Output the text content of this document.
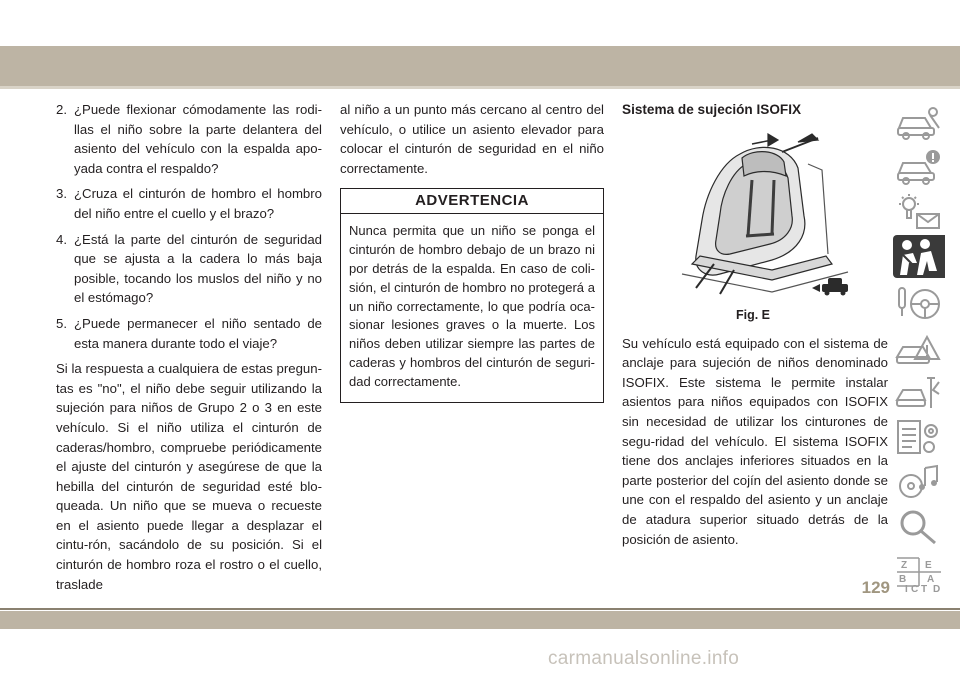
2. ¿Puede flexionar cómodamente las rodi-llas el niño sobre la parte delantera del asiento del vehículo con la espalda apo-yada contra el respaldo?
3. ¿Cruza el cinturón de hombro el hombro del niño entre el cuello y el brazo?
4. ¿Está la parte del cinturón de seguridad que se ajusta a la cadera lo más baja posible, tocando los muslos del niño y no el estómago?
5. ¿Puede permanecer el niño sentado de esta manera durante todo el viaje?
Si la respuesta a cualquiera de estas pregun-tas es "no", el niño debe seguir utilizando la sujeción para niños de Grupo 2 o 3 en este vehículo. Si el niño utiliza el cinturón de caderas/hombro, compruebe periódicamente el ajuste del cinturón y asegúrese de que la hebilla del cinturón de seguridad esté blo-queada. Un niño que se mueva o recueste en el asiento puede llegar a desplazar el cintu-rón, sacándolo de su posición. Si el cinturón de hombro roza el rostro o el cuello, traslade
al niño a un punto más cercano al centro del vehículo, o utilice un asiento elevador para colocar el cinturón de seguridad en el niño correctamente.
ADVERTENCIA
Nunca permita que un niño se ponga el cinturón de hombro debajo de un brazo ni por detrás de la espalda. En caso de coli-sión, el cinturón de hombro no protegerá a un niño correctamente, lo que podría oca-sionar lesiones graves o la muerte. Los niños deben utilizar siempre las partes de caderas y hombros del cinturón de seguri-dad correctamente.
Sistema de sujeción ISOFIX
Fig. E
Su vehículo está equipado con el sistema de anclaje para sujeción de niños denominado ISOFIX. Este sistema le permite instalar asientos para niños equipados con ISOFIX sin necesidad de utilizar los cinturones de segu-ridad del vehículo. El sistema ISOFIX tiene dos anclajes inferiores situados en la parte posterior del cojín del asiento donde se une con el respaldo del asiento y un anclaje de atadura superior situado detrás de la posición de asiento.
Z E
B A
I C D
T
129
carmanualsonline.info
